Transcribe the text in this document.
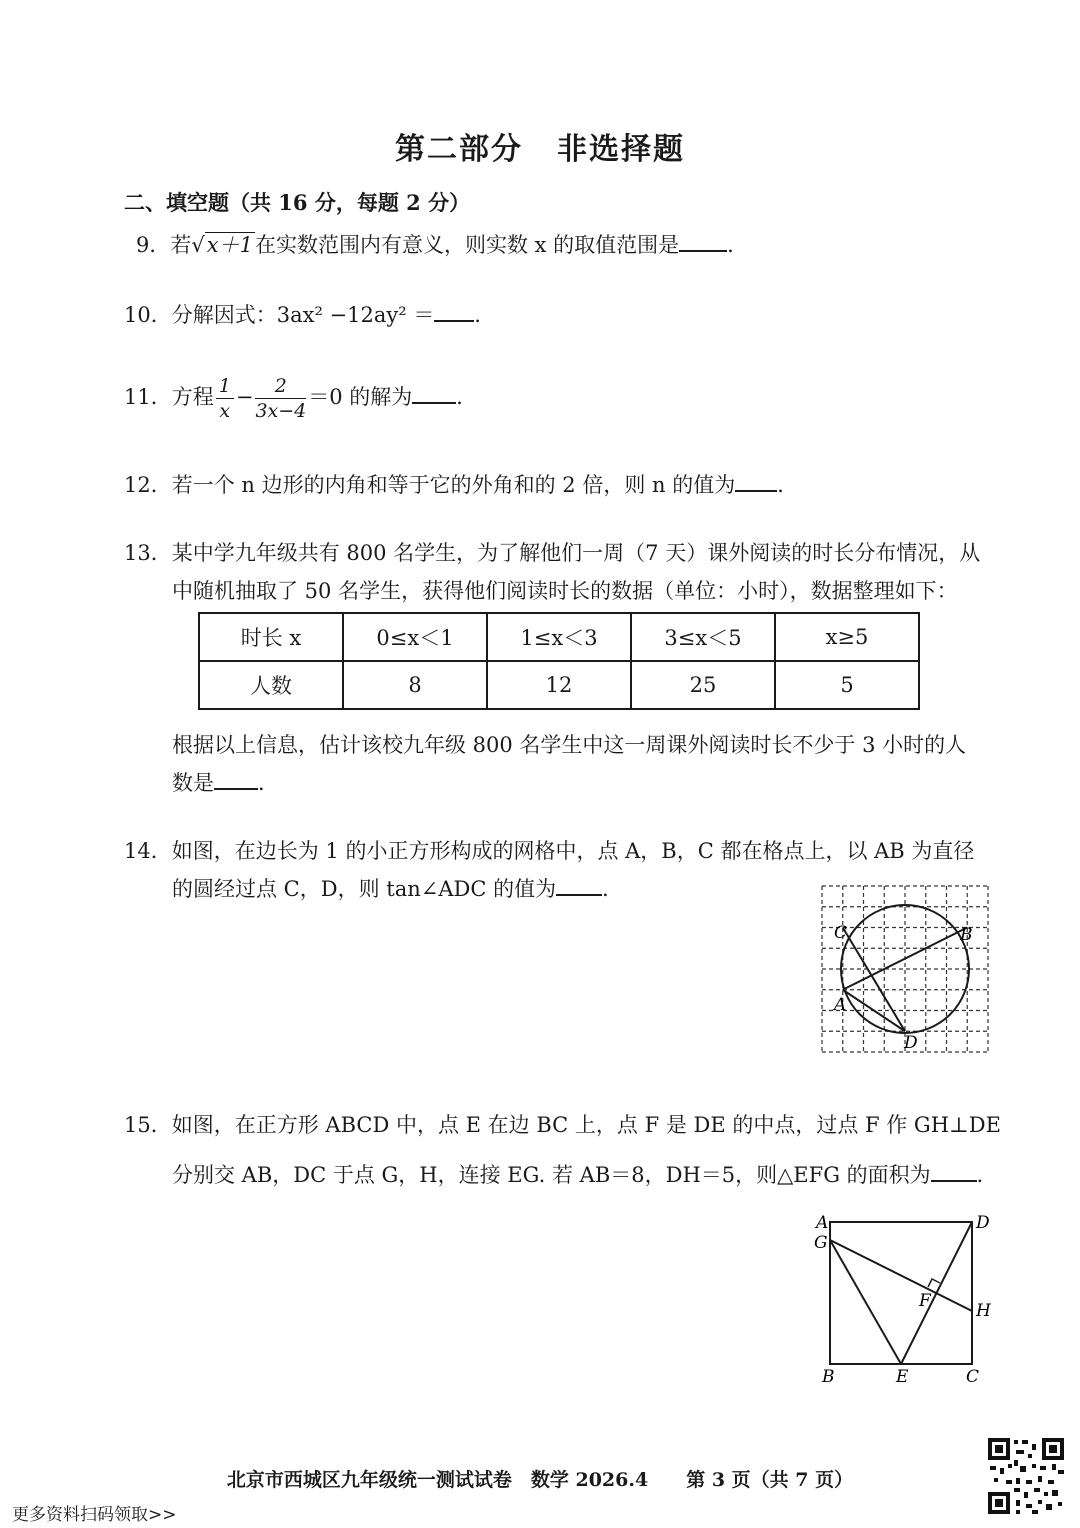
第二部分 非选择题
二、填空题（共 16 分，每题 2 分）
9．若√x＋1在实数范围内有意义，则实数 x 的取值范围是 ．
10．分解因式：3ax² −12ay² ＝ ．
11．方程 $\frac{1}{x} - \frac{2}{3x-4} =0$ 的解为 ．
12．若一个 n 边形的内角和等于它的外角和的 2 倍，则 n 的值为 ．
13．某中学九年级共有 800 名学生，为了解他们一周（7 天）课外阅读的时长分布情况，从
中随机抽取了 50 名学生，获得他们阅读时长的数据（单位：小时），数据整理如下：
时长 x	0≤x＜1	1≤x＜3	3≤x＜5	x≥5
人数	8	12	25	5
根据以上信息，估计该校九年级 800 名学生中这一周课外阅读时长不少于 3 小时的人
数是 ．
14．如图，在边长为 1 的小正方形构成的网格中，点 A，B，C 都在格点上，以 AB 为直径
的圆经过点 C，D，则 tan∠ADC 的值为 ．
A
B
C
D
15．如图，在正方形 ABCD 中，点 E 在边 BC 上，点 F 是 DE 的中点，过点 F 作 GH⊥DE
分别交 AB，DC 于点 G，H，连接 EG. 若 AB＝8，DH＝5，则△EFG 的面积为 ．
A	D
G
H
F
B	E	C
北京市西城区九年级统一测试试卷　数学 2026.4　　第 3 页（共 7 页）
更多资料扫码领取>>
